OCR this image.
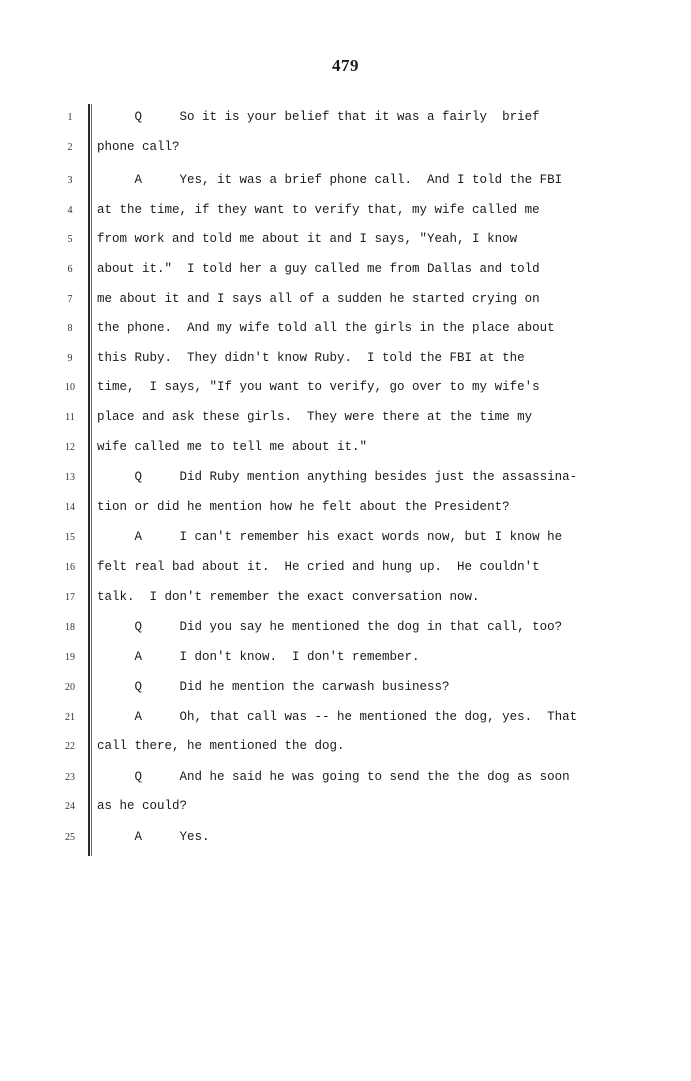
479
1	Q     So it is your belief that it was a fairly  brief
2	phone call?
3	A     Yes, it was a brief phone call.  And I told the FBI
4	at the time, if they want to verify that, my wife called me
5	from work and told me about it and I says, "Yeah, I know
6	about it."  I told her a guy called me from Dallas and told
7	me about it and I says all of a sudden he started crying on
8	the phone.  And my wife told all the girls in the place about
9	this Ruby.  They didn't know Ruby.  I told the FBI at the
10	time,  I says, "If you want to verify, go over to my wife's
11	place and ask these girls.  They were there at the time my
12	wife called me to tell me about it."
13	Q     Did Ruby mention anything besides just the assassina-
14	tion or did he mention how he felt about the President?
15	A     I can't remember his exact words now, but I know he
16	felt real bad about it.  He cried and hung up.  He couldn't
17	talk.  I don't remember the exact conversation now.
18	Q     Did you say he mentioned the dog in that call, too?
19	A     I don't know.  I don't remember.
20	Q     Did he mention the carwash business?
21	A     Oh, that call was -- he mentioned the dog, yes.  That
22	call there, he mentioned the dog.
23	Q     And he said he was going to send the the dog as soon
24	as he could?
25	A     Yes.
